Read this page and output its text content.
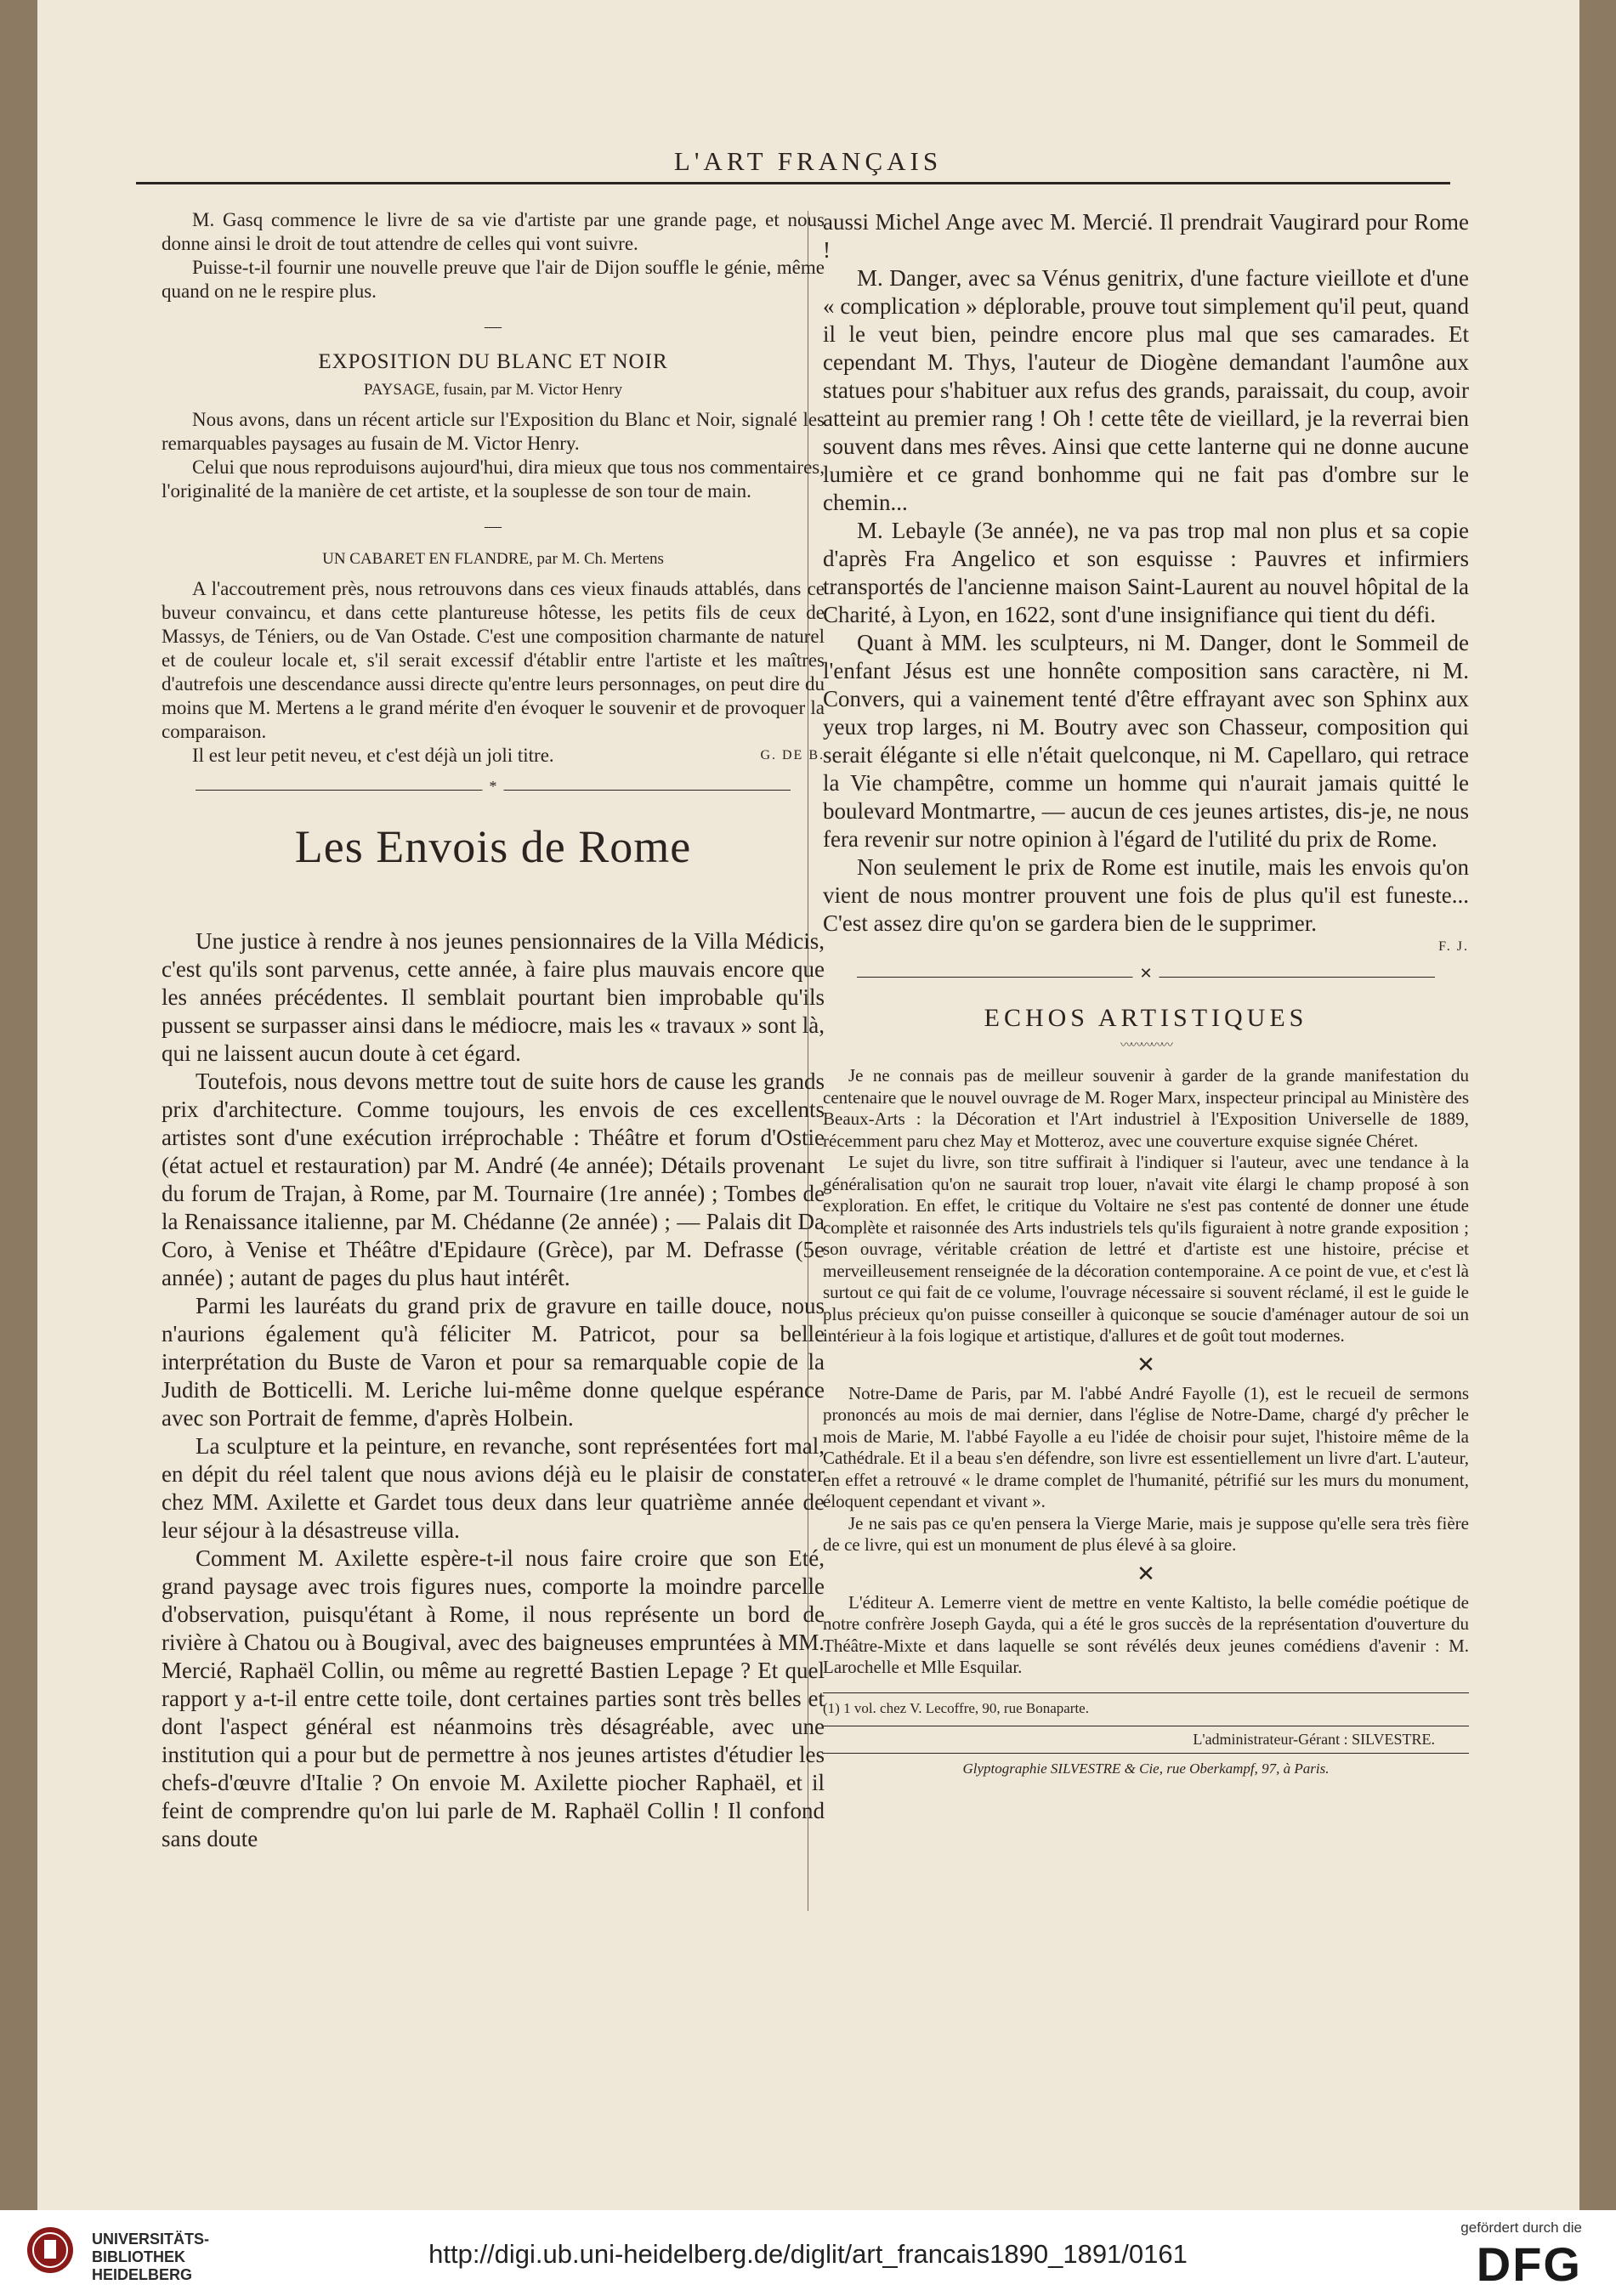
L'ART FRANÇAIS

M. Gasq commence le livre de sa vie d'artiste par une grande page, et nous donne ainsi le droit de tout attendre de celles qui vont suivre.

Puisse-t-il fournir une nouvelle preuve que l'air de Dijon souffle le génie, même quand on ne le respire plus.

—
EXPOSITION DU BLANC ET NOIR
PAYSAGE, fusain, par M. Victor Henry

Nous avons, dans un récent article sur l'Exposition du Blanc et Noir, signalé les remarquables paysages au fusain de M. Victor Henry.

Celui que nous reproduisons aujourd'hui, dira mieux que tous nos commentaires, l'originalité de la manière de cet artiste, et la souplesse de son tour de main.

—
UN CABARET EN FLANDRE, par M. Ch. Mertens

A l'accoutrement près, nous retrouvons dans ces vieux finauds attablés, dans ce buveur convaincu, et dans cette plantureuse hôtesse, les petits fils de ceux de Massys, de Téniers, ou de Van Ostade. C'est une composition charmante de naturel et de couleur locale et, s'il serait excessif d'établir entre l'artiste et les maîtres d'autrefois une descendance aussi directe qu'entre leurs personnages, on peut dire du moins que M. Mertens a le grand mérite d'en évoquer le souvenir et de provoquer la comparaison.

Il est leur petit neveu, et c'est déjà un joli titre.	G. DE B.
*
Les Envois de Rome

Une justice à rendre à nos jeunes pensionnaires de la Villa Médicis, c'est qu'ils sont parvenus, cette année, à faire plus mauvais encore que les années précédentes. Il semblait pourtant bien improbable qu'ils pussent se surpasser ainsi dans le médiocre, mais les « travaux » sont là, qui ne laissent aucun doute à cet égard.

Toutefois, nous devons mettre tout de suite hors de cause les grands prix d'architecture. Comme toujours, les envois de ces excellents artistes sont d'une exécution irréprochable : Théâtre et forum d'Ostie (état actuel et restauration) par M. André (4e année); Détails provenant du forum de Trajan, à Rome, par M. Tournaire (1re année) ; Tombes de la Renaissance italienne, par M. Chédanne (2e année) ; — Palais dit Da Coro, à Venise et Théâtre d'Epidaure (Grèce), par M. Defrasse (5e année) ; autant de pages du plus haut intérêt.

Parmi les lauréats du grand prix de gravure en taille douce, nous n'aurions également qu'à féliciter M. Patricot, pour sa belle interprétation du Buste de Varon et pour sa remarquable copie de la Judith de Botticelli. M. Leriche lui-même donne quelque espérance avec son Portrait de femme, d'après Holbein.

La sculpture et la peinture, en revanche, sont représentées fort mal, en dépit du réel talent que nous avions déjà eu le plaisir de constater chez MM. Axilette et Gardet tous deux dans leur quatrième année de leur séjour à la désastreuse villa.

Comment M. Axilette espère-t-il nous faire croire que son Eté, grand paysage avec trois figures nues, comporte la moindre parcelle d'observation, puisqu'étant à Rome, il nous représente un bord de rivière à Chatou ou à Bougival, avec des baigneuses empruntées à MM. Mercié, Raphaël Collin, ou même au regretté Bastien Lepage ? Et quel rapport y a-t-il entre cette toile, dont certaines parties sont très belles et dont l'aspect général est néanmoins très désagréable, avec une institution qui a pour but de permettre à nos jeunes artistes d'étudier les chefs-d'œuvre d'Italie ? On envoie M. Axilette piocher Raphaël, et il feint de comprendre qu'on lui parle de M. Raphaël Collin ! Il confond sans doute

aussi Michel Ange avec M. Mercié. Il prendrait Vaugirard pour Rome !

M. Danger, avec sa Vénus genitrix, d'une facture vieillote et d'une « complication » déplorable, prouve tout simplement qu'il peut, quand il le veut bien, peindre encore plus mal que ses camarades. Et cependant M. Thys, l'auteur de Diogène demandant l'aumône aux statues pour s'habituer aux refus des grands, paraissait, du coup, avoir atteint au premier rang ! Oh ! cette tête de vieillard, je la reverrai bien souvent dans mes rêves. Ainsi que cette lanterne qui ne donne aucune lumière et ce grand bonhomme qui ne fait pas d'ombre sur le chemin...

M. Lebayle (3e année), ne va pas trop mal non plus et sa copie d'après Fra Angelico et son esquisse : Pauvres et infirmiers transportés de l'ancienne maison Saint-Laurent au nouvel hôpital de la Charité, à Lyon, en 1622, sont d'une insignifiance qui tient du défi.

Quant à MM. les sculpteurs, ni M. Danger, dont le Sommeil de l'enfant Jésus est une honnête composition sans caractère, ni M. Convers, qui a vainement tenté d'être effrayant avec son Sphinx aux yeux trop larges, ni M. Boutry avec son Chasseur, composition qui serait élégante si elle n'était quelconque, ni M. Capellaro, qui retrace la Vie champêtre, comme un homme qui n'aurait jamais quitté le boulevard Montmartre, — aucun de ces jeunes artistes, dis-je, ne nous fera revenir sur notre opinion à l'égard de l'utilité du prix de Rome.

Non seulement le prix de Rome est inutile, mais les envois qu'on vient de nous montrer prouvent une fois de plus qu'il est funeste... C'est assez dire qu'on se gardera bien de le supprimer.

F. J.
✕
ECHOS ARTISTIQUES
〰〰〰〰〰

Je ne connais pas de meilleur souvenir à garder de la grande manifestation du centenaire que le nouvel ouvrage de M. Roger Marx, inspecteur principal au Ministère des Beaux-Arts : la Décoration et l'Art industriel à l'Exposition Universelle de 1889, récemment paru chez May et Motteroz, avec une couverture exquise signée Chéret.

Le sujet du livre, son titre suffirait à l'indiquer si l'auteur, avec une tendance à la généralisation qu'on ne saurait trop louer, n'avait vite élargi le champ proposé à son exploration. En effet, le critique du Voltaire ne s'est pas contenté de donner une étude complète et raisonnée des Arts industriels tels qu'ils figuraient à notre grande exposition ; son ouvrage, véritable création de lettré et d'artiste est une histoire, précise et merveilleusement renseignée de la décoration contemporaine. A ce point de vue, et c'est là surtout ce qui fait de ce volume, l'ouvrage nécessaire si souvent réclamé, il est le guide le plus précieux qu'on puisse conseiller à quiconque se soucie d'aménager autour de soi un intérieur à la fois logique et artistique, d'allures et de goût tout modernes.

✕

Notre-Dame de Paris, par M. l'abbé André Fayolle (1), est le recueil de sermons prononcés au mois de mai dernier, dans l'église de Notre-Dame, chargé d'y prêcher le mois de Marie, M. l'abbé Fayolle a eu l'idée de choisir pour sujet, l'histoire même de la Cathédrale. Et il a beau s'en défendre, son livre est essentiellement un livre d'art. L'auteur, en effet a retrouvé « le drame complet de l'humanité, pétrifié sur les murs du monument, éloquent cependant et vivant ».

Je ne sais pas ce qu'en pensera la Vierge Marie, mais je suppose qu'elle sera très fière de ce livre, qui est un monument de plus élevé à sa gloire.

✕

L'éditeur A. Lemerre vient de mettre en vente Kaltisto, la belle comédie poétique de notre confrère Joseph Gayda, qui a été le gros succès de la représentation d'ouverture du Théâtre-Mixte et dans laquelle se sont révélés deux jeunes comédiens d'avenir : M. Larochelle et Mlle Esquilar.

(1) 1 vol. chez V. Lecoffre, 90, rue Bonaparte.
L'administrateur-Gérant : SILVESTRE.
Glyptographie SILVESTRE & Cie, rue Oberkampf, 97, à Paris.
UNIVERSITÄTS-
BIBLIOTHEK
HEIDELBERG
http://digi.ub.uni-heidelberg.de/diglit/art_francais1890_1891/0161
gefördert durch die
DFG
